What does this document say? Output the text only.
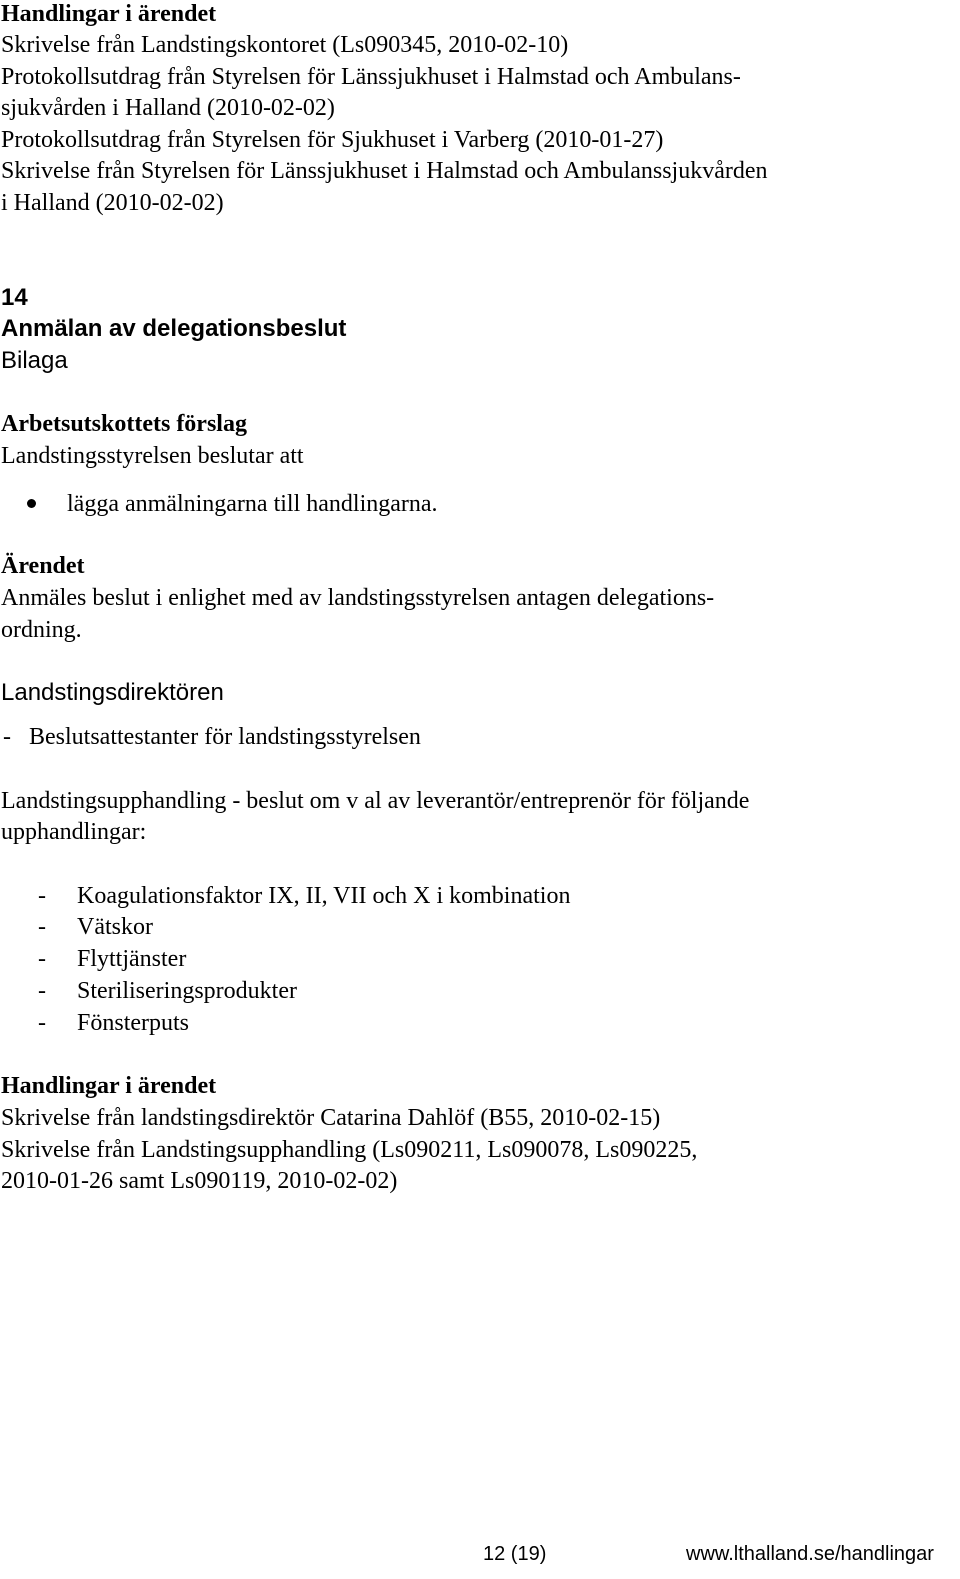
Handlingar i ärendet
Skrivelse från Landstingskontoret (Ls090345, 2010-02-10)
Protokollsutdrag från Styrelsen för Länssjukhuset i Halmstad och Ambulans-
sjukvården i Halland (2010-02-02)
Protokollsutdrag från Styrelsen för Sjukhuset i Varberg (2010-01-27)
Skrivelse från Styrelsen för Länssjukhuset i Halmstad och Ambulanssjukvården
i Halland (2010-02-02)
14
Anmälan av delegationsbeslut
Bilaga
Arbetsutskottets förslag
Landstingsstyrelsen beslutar att
lägga anmälningarna till handlingarna.
Ärendet
Anmäles beslut i enlighet med av landstingsstyrelsen antagen delegations-
ordning.
Landstingsdirektören
- Beslutsattestanter för landstingsstyrelsen
Landstingsupphandling - beslut om v al av leverantör/entreprenör för följande
upphandlingar:
- Koagulationsfaktor IX, II, VII och X i kombination
- Vätskor
- Flyttjänster
- Steriliseringsprodukter
- Fönsterputs
Handlingar i ärendet
Skrivelse från landstingsdirektör Catarina Dahlöf (B55, 2010-02-15)
Skrivelse från Landstingsupphandling (Ls090211, Ls090078, Ls090225,
2010-01-26 samt Ls090119, 2010-02-02)
12 (19)	www.lthalland.se/handlingar
